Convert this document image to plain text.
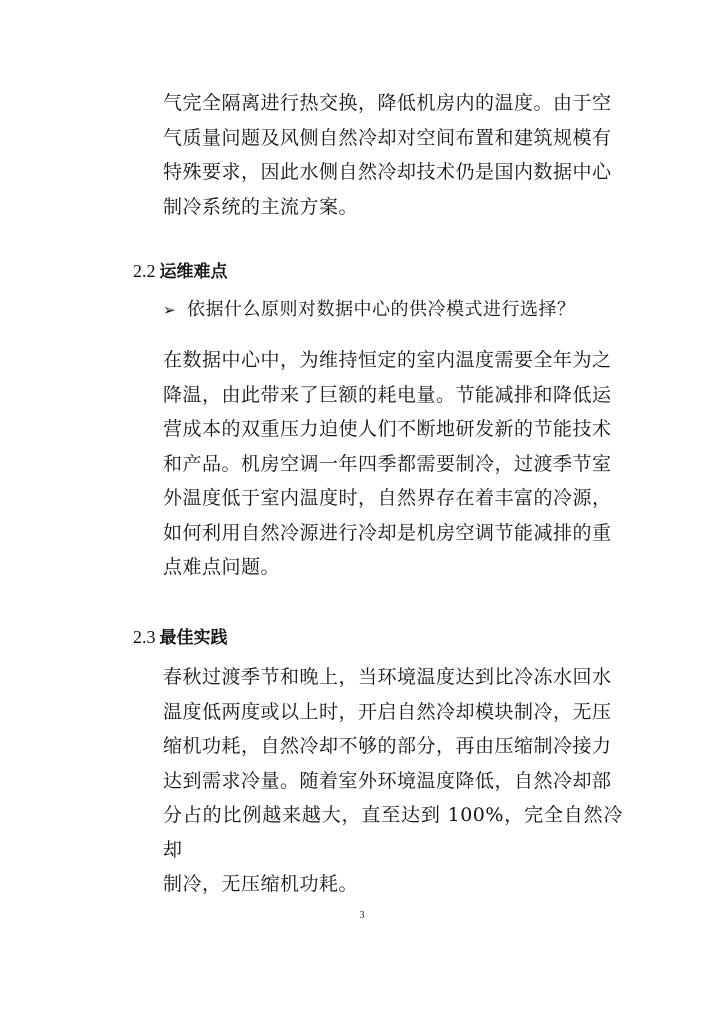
气完全隔离进行热交换，降低机房内的温度。由于空
气质量问题及风侧自然冷却对空间布置和建筑规模有
特殊要求，因此水侧自然冷却技术仍是国内数据中心
制冷系统的主流方案。
2.2 运维难点
➢ 依据什么原则对数据中心的供冷模式进行选择？
在数据中心中，为维持恒定的室内温度需要全年为之
降温，由此带来了巨额的耗电量。节能减排和降低运
营成本的双重压力迫使人们不断地研发新的节能技术
和产品。机房空调一年四季都需要制冷，过渡季节室
外温度低于室内温度时，自然界存在着丰富的冷源，
如何利用自然冷源进行冷却是机房空调节能减排的重
点难点问题。
2.3 最佳实践
春秋过渡季节和晚上，当环境温度达到比冷冻水回水
温度低两度或以上时，开启自然冷却模块制冷，无压
缩机功耗，自然冷却不够的部分，再由压缩制冷接力
达到需求冷量。随着室外环境温度降低，自然冷却部
分占的比例越来越大，直至达到 100%，完全自然冷却
制冷，无压缩机功耗。
3
